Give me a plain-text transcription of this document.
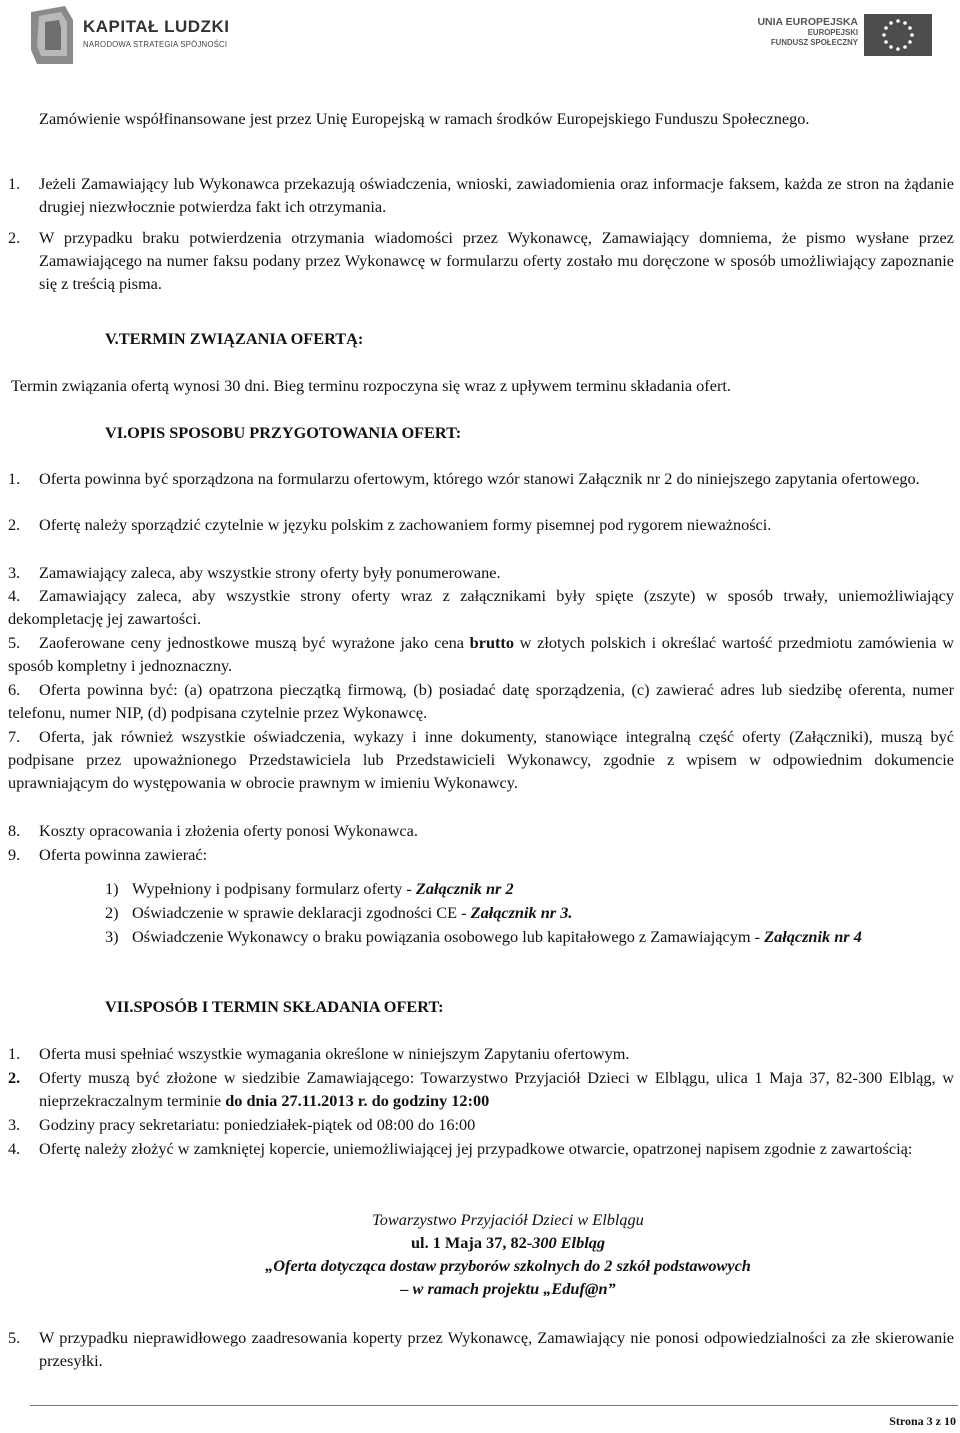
KAPITAŁ LUDZKI
NARODOWA STRATEGIA SPÓJNOŚCI
UNIA EUROPEJSKA
EUROPEJSKI
FUNDUSZ SPOŁECZNY
Zamówienie współfinansowane jest przez Unię Europejską w ramach środków Europejskiego Funduszu Społecznego.
1. Jeżeli Zamawiający lub Wykonawca przekazują oświadczenia, wnioski, zawiadomienia oraz informacje faksem, każda ze stron na żądanie drugiej niezwłocznie potwierdza fakt ich otrzymania.
2. W przypadku braku potwierdzenia otrzymania wiadomości przez Wykonawcę, Zamawiający domniema, że pismo wysłane przez Zamawiającego na numer faksu podany przez Wykonawcę w formularzu oferty zostało mu doręczone w sposób umożliwiający zapoznanie się z treścią pisma.
V.TERMIN ZWIĄZANIA OFERTĄ:
Termin związania ofertą wynosi 30 dni. Bieg terminu rozpoczyna się wraz z upływem terminu składania ofert.
VI.OPIS SPOSOBU PRZYGOTOWANIA OFERT:
1.	Oferta powinna być sporządzona na formularzu ofertowym, którego wzór stanowi Załącznik nr 2 do niniejszego zapytania ofertowego.
2.	Ofertę należy sporządzić czytelnie w języku polskim z zachowaniem formy pisemnej pod rygorem nieważności.
3. Zamawiający zaleca, aby wszystkie strony oferty były ponumerowane.
4.	Zamawiający zaleca, aby wszystkie strony oferty wraz z załącznikami były spięte (zszyte) w sposób trwały, uniemożliwiający dekompletację jej zawartości.
5.	Zaoferowane ceny jednostkowe muszą być wyrażone jako cena brutto w złotych polskich i określać wartość przedmiotu zamówienia w sposób kompletny i jednoznaczny.
6.	Oferta powinna być: (a) opatrzona pieczątką firmową, (b) posiadać datę sporządzenia, (c) zawierać adres lub siedzibę oferenta, numer telefonu, numer NIP, (d) podpisana czytelnie przez Wykonawcę.
7.	Oferta, jak również wszystkie oświadczenia, wykazy i inne dokumenty, stanowiące integralną część oferty (Załączniki), muszą być podpisane przez upoważnionego Przedstawiciela lub Przedstawicieli Wykonawcy, zgodnie z wpisem w odpowiednim dokumencie uprawniającym do występowania w obrocie prawnym w imieniu Wykonawcy.
8. Koszty opracowania i złożenia oferty ponosi Wykonawca.
9. Oferta powinna zawierać:
1) Wypełniony i podpisany formularz oferty - Załącznik nr 2
2) Oświadczenie w sprawie deklaracji zgodności CE - Załącznik nr 3.
3) Oświadczenie Wykonawcy o braku powiązania osobowego lub kapitałowego z Zamawiającym - Załącznik nr 4
VII.SPOSÓB I TERMIN SKŁADANIA OFERT:
1. Oferta musi spełniać wszystkie wymagania określone w niniejszym Zapytaniu ofertowym.
2. Oferty muszą być złożone w siedzibie Zamawiającego: Towarzystwo Przyjaciół Dzieci w Elblągu, ulica 1 Maja 37, 82-300 Elbląg, w nieprzekraczalnym terminie do dnia 27.11.2013 r. do godziny 12:00
3. Godziny pracy sekretariatu: poniedziałek-piątek od 08:00 do 16:00
4. Ofertę należy złożyć w zamkniętej kopercie, uniemożliwiającej jej przypadkowe otwarcie, opatrzonej napisem zgodnie z zawartością:
Towarzystwo Przyjaciół Dzieci w Elblągu
ul. 1 Maja 37, 82-300 Elbląg
„Oferta dotycząca dostaw przyborów szkolnych do 2 szkół podstawowych
– w ramach projektu „Eduf@n”
5. W przypadku nieprawidłowego zaadresowania koperty przez Wykonawcę, Zamawiający nie ponosi odpowiedzialności za złe skierowanie przesyłki.
Strona 3 z 10
